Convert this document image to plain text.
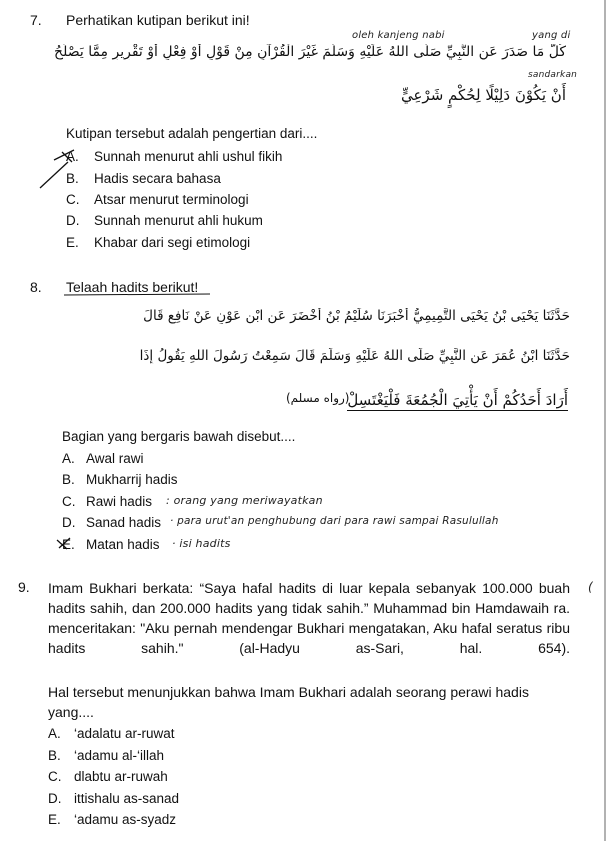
7. Perhatikan kutipan berikut ini!
oleh kanjeng nabi	yang di
sandarkan
كُلُّ مَا صَدَرَ عَنِ النَّبِيِّ صَلَّى اللهُ عَلَيْهِ وَسَلَّمَ غَيْرَ الْقُرْآنِ مِنْ قَوْلٍ أَوْ فِعْلٍ أَوْ تَقْرِيرٍ مِمَّا يَصْلُحُ
أَنْ يَكُوْنَ دَلِيْلًا لِحُكْمٍ شَرْعِيٍّ
Kutipan tersebut adalah pengertian dari....
A. Sunnah menurut ahli ushul fikih
B. Hadis secara bahasa
C. Atsar menurut terminologi
D. Sunnah menurut ahli hukum
E. Khabar dari segi etimologi
8. Telaah hadits berikut!
حَدَّثَنَا يَحْيَى بْنُ يَحْيَى التَّمِيمِيُّ أَخْبَرَنَا سُلَيْمُ بْنُ أَخْضَرَ عَنِ ابْنِ عَوْنٍ عَنْ نَافِعٍ قَالَ
حَدَّثَنَا ابْنُ عُمَرَ عَنِ النَّبِيِّ صَلَّى اللهُ عَلَيْهِ وَسَلَّمَ قَالَ سَمِعْتُ رَسُولَ اللهِ يَقُولُ إِذَا
أَرَادَ أَحَدُكُمْ أَنْ يَأْتِيَ الْجُمُعَةَ فَلْيَغْتَسِلْ
(رواه مسلم)
Bagian yang bergaris bawah disebut....
A. Awal rawi
B. Mukharrij hadis
C. Rawi hadis : orang yang meriwayatkan
D. Sanad hadis · para urut'an penghubung dari para rawi sampai Rasulullah
E. Matan hadis · isi hadits
9. Imam Bukhari berkata: “Saya hafal hadits di luar kepala sebanyak 100.000 buah hadits sahih, dan 200.000 hadits yang tidak sahih.” Muhammad bin Hamdawaih ra. menceritakan: "Aku pernah mendengar Bukhari mengatakan, Aku hafal seratus ribu hadits sahih." (al-Hadyu as-Sari, hal. 654).
(
Hal tersebut menunjukkan bahwa Imam Bukhari adalah seorang perawi hadis yang....
A. ‘adalatu ar-ruwat
B. ‘adamu al-‘illah
C. dlabtu ar-ruwah
D. ittishalu as-sanad
E. ‘adamu as-syadz
